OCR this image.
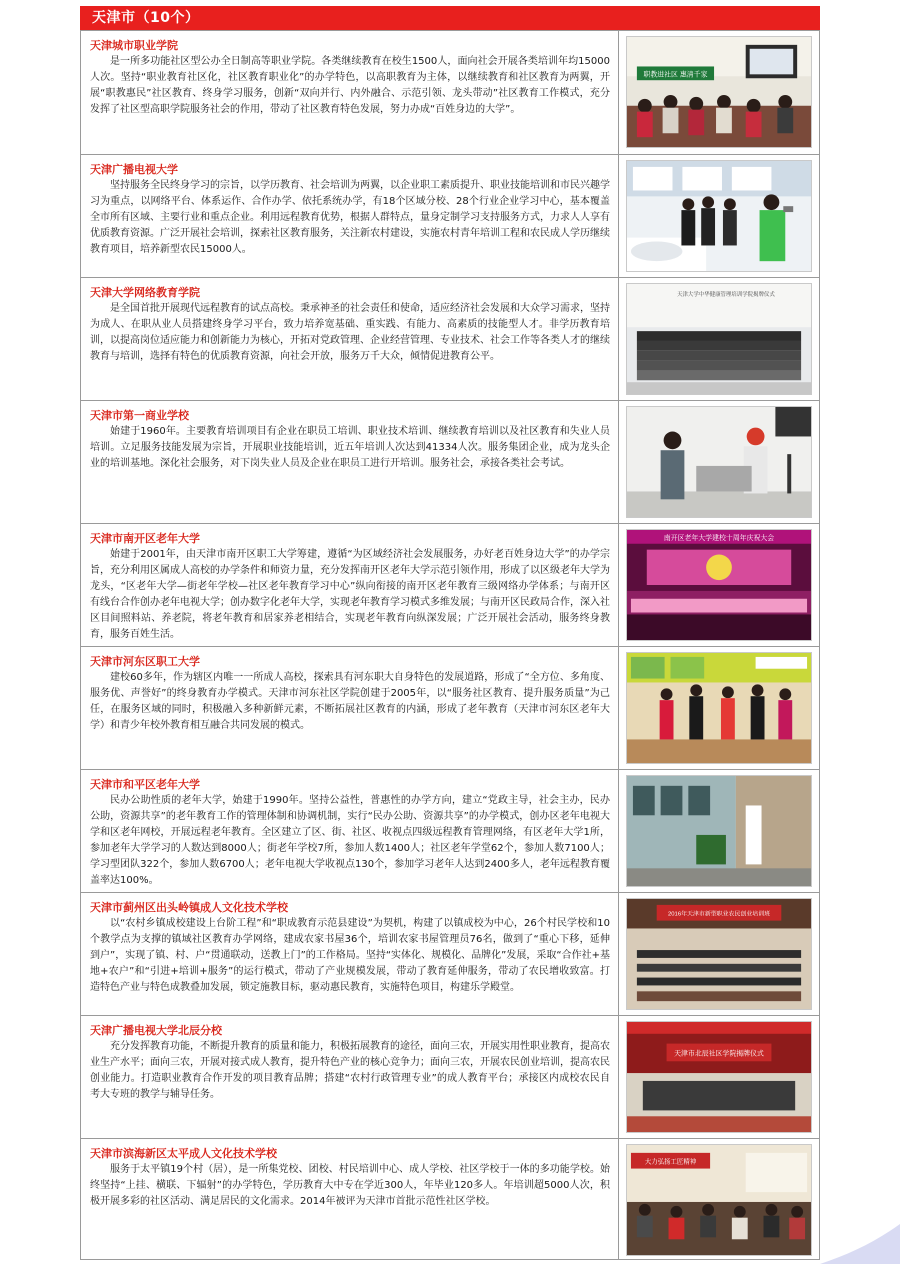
天津市（10个）

天津城市职业学院

是一所多功能社区型公办全日制高等职业学院。各类继续教育在校生1500人，面向社会开展各类培训年均15000人次。坚持“职业教育社区化，社区教育职业化”的办学特色，以高职教育为主体，以继续教育和社区教育为两翼，开展“职教惠民”社区教育、终身学习服务，创新“双向并行、内外融合、示范引领、龙头带动”社区教育工作模式，充分发挥了社区型高职学院服务社会的作用，带动了社区教育特色发展，努力办成“百姓身边的大学”。

职教进社区 惠清千家

天津广播电视大学

坚持服务全民终身学习的宗旨，以学历教育、社会培训为两翼，以企业职工素质提升、职业技能培训和市民兴趣学习为重点，以网络平台、体系运作、合作办学、依托系统办学，有18个区域分校、28个行业企业学习中心，基本覆盖全市所有区域、主要行业和重点企业。利用远程教育优势，根据人群特点，量身定制学习支持服务方式，力求人人享有优质教育资源。广泛开展社会培训，探索社区教育服务，关注新农村建设，实施农村青年培训工程和农民成人学历继续教育项目，培养新型农民15000人。

天津大学网络教育学院

是全国首批开展现代远程教育的试点高校。秉承神圣的社会责任和使命，适应经济社会发展和大众学习需求，坚持为成人、在职从业人员搭建终身学习平台，致力培养宽基础、重实践、有能力、高素质的技能型人才。非学历教育培训，以提高岗位适应能力和创新能力为核心，开拓对党政管理、企业经营管理、专业技术、社会工作等各类人才的继续教育与培训，选择有特色的优质教育资源，向社会开放，服务万千大众，倾情促进教育公平。

天津大学中华健康管理培训学院揭牌仪式

天津市第一商业学校

始建于1960年。主要教育培训项目有企业在职员工培训、职业技术培训、继续教育培训以及社区教育和失业人员培训。立足服务技能发展为宗旨，开展职业技能培训，近五年培训人次达到41334人次。服务集团企业，成为龙头企业的培训基地。深化社会服务，对下岗失业人员及企业在职员工进行开培训。服务社会，承接各类社会考试。

天津市南开区老年大学

始建于2001年，由天津市南开区职工大学筹建，遵循“为区域经济社会发展服务，办好老百姓身边大学”的办学宗旨，充分利用区属成人高校的办学条件和师资力量，充分发挥南开区老年大学示范引领作用，形成了以区级老年大学为龙头，“区老年大学—街老年学校—社区老年教育学习中心”纵向衔接的南开区老年教育三级网络办学体系；与南开区有线台合作创办老年电视大学；创办数字化老年大学，实现老年教育学习模式多维发展；与南开区民政局合作，深入社区目间照料站、养老院，将老年教育和居家养老相结合，实现老年教育向纵深发展；广泛开展社会活动，服务终身教育，服务百姓生活。

南开区老年大学建校十周年庆祝大会

天津市河东区职工大学

建校60多年，作为辖区内唯一一所成人高校，探索具有河东职大自身特色的发展道路，形成了“全方位、多角度、服务优、声誉好”的终身教育办学模式。天津市河东社区学院创建于2005年，以“服务社区教育、提升服务质量”为己任，在服务区域的同时，积极融入多种新鲜元素，不断拓展社区教育的内涵，形成了老年教育（天津市河东区老年大学）和青少年校外教育相互融合共同发展的模式。

天津市和平区老年大学

民办公助性质的老年大学，始建于1990年。坚持公益性，普惠性的办学方向，建立“党政主导，社会主办，民办公助，资源共享”的老年教育工作的管理体制和协调机制，实行“民办公助、资源共享”的办学模式，创办区老年电视大学和区老年网校，开展远程老年教育。全区建立了区、街、社区、收视点四级远程教育管理网络，有区老年大学1所，参加老年大学学习的人数达到8000人；街老年学校7所，参加人数1400人；社区老年学堂62个，参加人数7100人；学习型团队322个，参加人数6700人；老年电视大学收视点130个，参加学习老年人达到2400多人，老年远程教育覆盖率达100%。

天津市蓟州区出头岭镇成人文化技术学校

以“农村乡镇成校建设上台阶工程”和“职成教育示范县建设”为契机，构建了以镇成校为中心，26个村民学校和10个教学点为支撑的镇域社区教育办学网络，建成农家书屋36个，培训农家书屋管理员76名，做到了“重心下移，延伸到户”，实现了镇、村、户“贯通联动，送教上门”的工作格局。坚持“实体化、规模化、品牌化”发展，采取“合作社+基地+农户”和“引进+培训+服务”的运行模式，带动了产业规模发展，带动了教育延伸服务，带动了农民增收致富。打造特色产业与特色成教叠加发展，锁定施教目标，驱动惠民教育，实施特色项目，构建乐学殿堂。

2016年天津市新型职业农民创业培训班

天津广播电视大学北辰分校

充分发挥教育功能，不断提升教育的质量和能力，积极拓展教育的途径，面向三农，开展实用性职业教育，提高农业生产水平；面向三农，开展对接式成人教育，提升特色产业的核心竞争力；面向三农，开展农民创业培训，提高农民创业能力。打造职业教育合作开发的项目教育品牌；搭建“农村行政管理专业”的成人教育平台；承接区内成校农民自考大专班的教学与辅导任务。

天津市北辰社区学院揭牌仪式

天津市滨海新区太平成人文化技术学校

服务于太平镇19个村（居），是一所集党校、团校、村民培训中心、成人学校、社区学校于一体的多功能学校。始终坚持“上挂、横联、下辐射”的办学特色，学历教育大中专在学近300人，年毕业120多人。年培训超5000人次，积极开展多彩的社区活动、满足居民的文化需求。2014年被评为天津市首批示范性社区学校。

大力弘扬工匠精神
